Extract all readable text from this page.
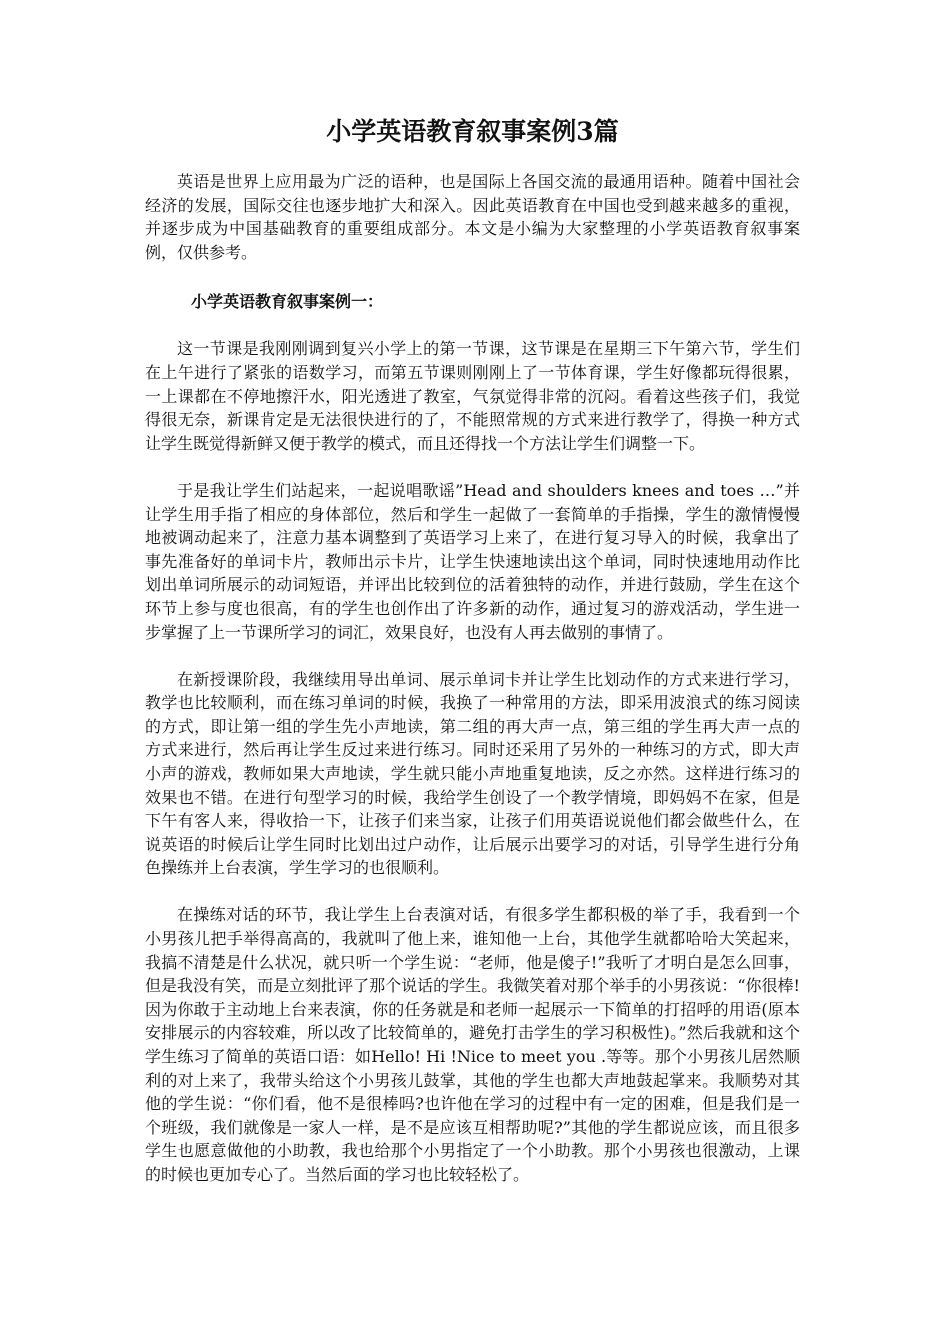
小学英语教育叙事案例3篇

英语是世界上应用最为广泛的语种，也是国际上各国交流的最通用语种。随着中国社会经济的发展，国际交往也逐步地扩大和深入。因此英语教育在中国也受到越来越多的重视，并逐步成为中国基础教育的重要组成部分。本文是小编为大家整理的小学英语教育叙事案例，仅供参考。

小学英语教育叙事案例一：

这一节课是我刚刚调到复兴小学上的第一节课，这节课是在星期三下午第六节，学生们在上午进行了紧张的语数学习，而第五节课则刚刚上了一节体育课，学生好像都玩得很累，一上课都在不停地擦汗水，阳光透进了教室，气氛觉得非常的沉闷。看着这些孩子们，我觉得很无奈，新课肯定是无法很快进行的了，不能照常规的方式来进行教学了，得换一种方式让学生既觉得新鲜又便于教学的模式，而且还得找一个方法让学生们调整一下。

于是我让学生们站起来，一起说唱歌谣”Head and shoulders knees and toes …”并让学生用手指了相应的身体部位，然后和学生一起做了一套简单的手指操，学生的激情慢慢地被调动起来了，注意力基本调整到了英语学习上来了，在进行复习导入的时候，我拿出了事先准备好的单词卡片，教师出示卡片，让学生快速地读出这个单词，同时快速地用动作比划出单词所展示的动词短语，并评出比较到位的活着独特的动作，并进行鼓励，学生在这个环节上参与度也很高，有的学生也创作出了许多新的动作，通过复习的游戏活动，学生进一步掌握了上一节课所学习的词汇，效果良好，也没有人再去做别的事情了。

在新授课阶段，我继续用导出单词、展示单词卡并让学生比划动作的方式来进行学习，教学也比较顺利，而在练习单词的时候，我换了一种常用的方法，即采用波浪式的练习阅读的方式，即让第一组的学生先小声地读，第二组的再大声一点，第三组的学生再大声一点的方式来进行，然后再让学生反过来进行练习。同时还采用了另外的一种练习的方式，即大声小声的游戏，教师如果大声地读，学生就只能小声地重复地读，反之亦然。这样进行练习的效果也不错。在进行句型学习的时候，我给学生创设了一个教学情境，即妈妈不在家，但是下午有客人来，得收拾一下，让孩子们来当家，让孩子们用英语说说他们都会做些什么，在说英语的时候后让学生同时比划出过户动作，让后展示出要学习的对话，引导学生进行分角色操练并上台表演，学生学习的也很顺利。

在操练对话的环节，我让学生上台表演对话，有很多学生都积极的举了手，我看到一个小男孩儿把手举得高高的，我就叫了他上来，谁知他一上台，其他学生就都哈哈大笑起来，我搞不清楚是什么状况，就只听一个学生说：“老师，他是傻子!”我听了才明白是怎么回事，但是我没有笑，而是立刻批评了那个说话的学生。我微笑着对那个举手的小男孩说：“你很棒!因为你敢于主动地上台来表演，你的任务就是和老师一起展示一下简单的打招呼的用语(原本安排展示的内容较难，所以改了比较简单的，避免打击学生的学习积极性)。”然后我就和这个学生练习了简单的英语口语：如Hello! Hi !Nice to meet you .等等。那个小男孩儿居然顺利的对上来了，我带头给这个小男孩儿鼓掌，其他的学生也都大声地鼓起掌来。我顺势对其他的学生说：“你们看，他不是很棒吗?也许他在学习的过程中有一定的困难，但是我们是一个班级，我们就像是一家人一样，是不是应该互相帮助呢?”其他的学生都说应该，而且很多学生也愿意做他的小助教，我也给那个小男指定了一个小助教。那个小男孩也很激动，上课的时候也更加专心了。当然后面的学习也比较轻松了。
